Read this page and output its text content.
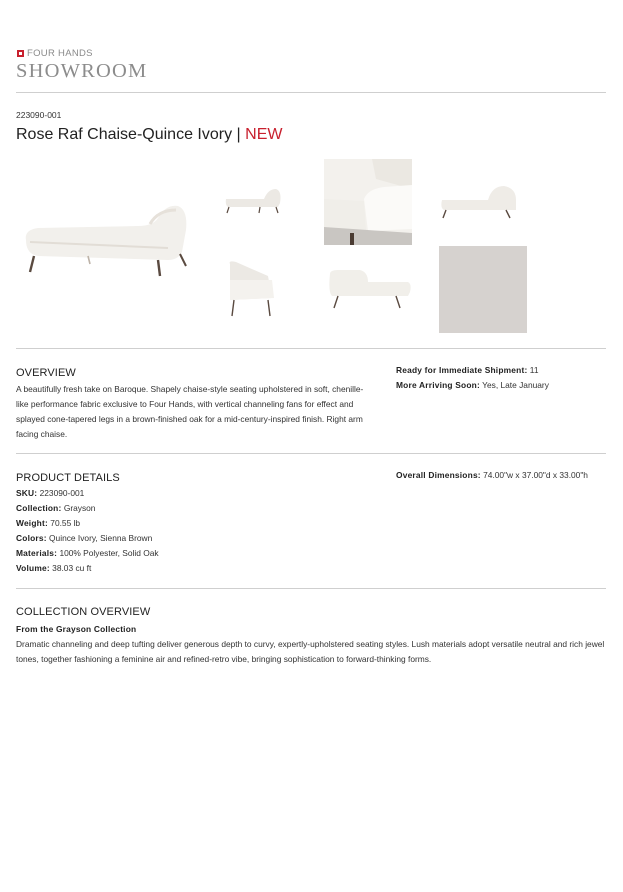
FOUR HANDS
SHOWROOM
223090-001
Rose Raf Chaise-Quince Ivory | NEW
OVERVIEW
A beautifully fresh take on Baroque. Shapely chaise-style seating upholstered in soft, chenille-like performance fabric exclusive to Four Hands, with vertical channeling fans for effect and splayed cone-tapered legs in a brown-finished oak for a mid-century-inspired finish. Right arm facing chaise.
Ready for Immediate Shipment: 11
More Arriving Soon: Yes, Late January
PRODUCT DETAILS
SKU: 223090-001
Collection: Grayson
Weight: 70.55 lb
Colors: Quince Ivory, Sienna Brown
Materials: 100% Polyester, Solid Oak
Volume: 38.03 cu ft
Overall Dimensions: 74.00"w x 37.00"d x 33.00"h
COLLECTION OVERVIEW
From the Grayson Collection
Dramatic channeling and deep tufting deliver generous depth to curvy, expertly-upholstered seating styles. Lush materials adopt versatile neutral and rich jewel tones, together fashioning a feminine air and refined-retro vibe, bringing sophistication to forward-thinking forms.
